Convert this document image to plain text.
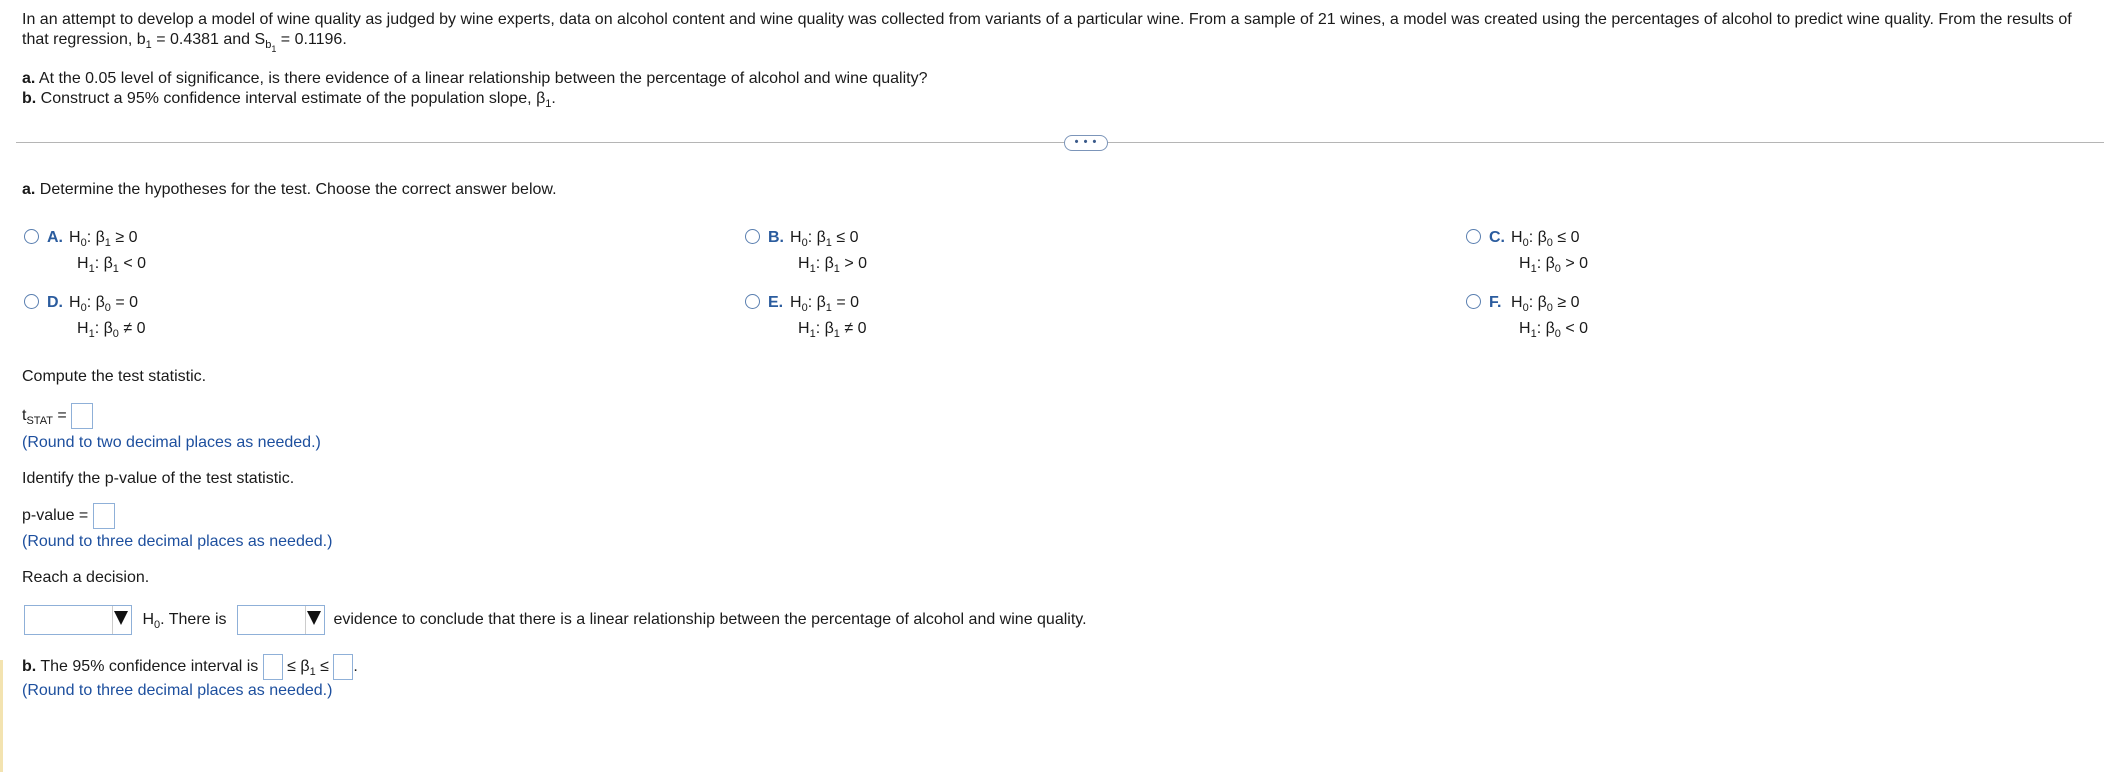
In an attempt to develop a model of wine quality as judged by wine experts, data on alcohol content and wine quality was collected from variants of a particular wine. From a sample of 21 wines, a model was created using the percentages of alcohol to predict wine quality. From the results of
that regression, $b_1 = 0.4381$ and $S_{b_1} = 0.1196$.
a. At the 0.05 level of significance, is there evidence of a linear relationship between the percentage of alcohol and wine quality?
b. Construct a 95% confidence interval estimate of the population slope, $\beta_1$.
• • •
a. Determine the hypotheses for the test. Choose the correct answer below.
A. $H_0$: $\beta_1 \ge 0$
$H_1$: $\beta_1 < 0$
B. $H_0$: $\beta_1 \le 0$
$H_1$: $\beta_1 > 0$
C. $H_0$: $\beta_0 \le 0$
$H_1$: $\beta_0 > 0$
D. $H_0$: $\beta_0 = 0$
$H_1$: $\beta_0 \ne 0$
E. $H_0$: $\beta_1 = 0$
$H_1$: $\beta_1 \ne 0$
F. $H_0$: $\beta_0 \ge 0$
$H_1$: $\beta_0 < 0$
Compute the test statistic.
$t_{STAT}$ =
(Round to two decimal places as needed.)
Identify the p-value of the test statistic.
p-value =
(Round to three decimal places as needed.)
Reach a decision.
$H_0$. There is	evidence to conclude that there is a linear relationship between the percentage of alcohol and wine quality.
b. The 95% confidence interval is  ≤ $\beta_1$ ≤ .
(Round to three decimal places as needed.)
